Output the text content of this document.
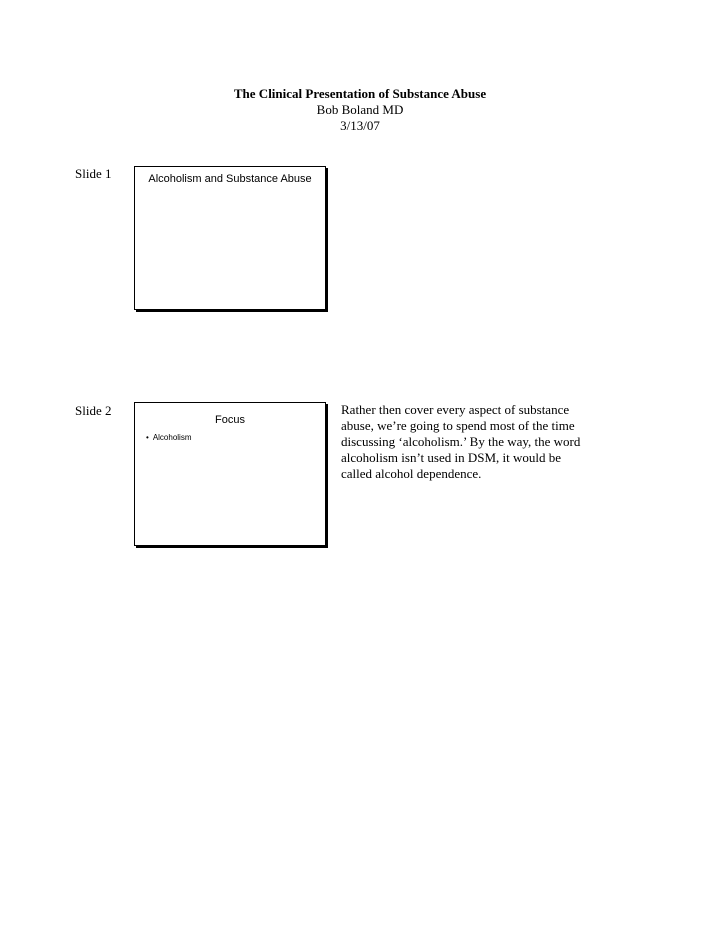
The Clinical Presentation of Substance Abuse
Bob Boland MD
3/13/07
Slide 1	Alcoholism and Substance Abuse
Slide 2
Focus
• Alcoholism
Rather then cover every aspect of substance
abuse, we’re going to spend most of the time
discussing ‘alcoholism.’ By the way, the word
alcoholism isn’t used in DSM, it would be
called alcohol dependence.
